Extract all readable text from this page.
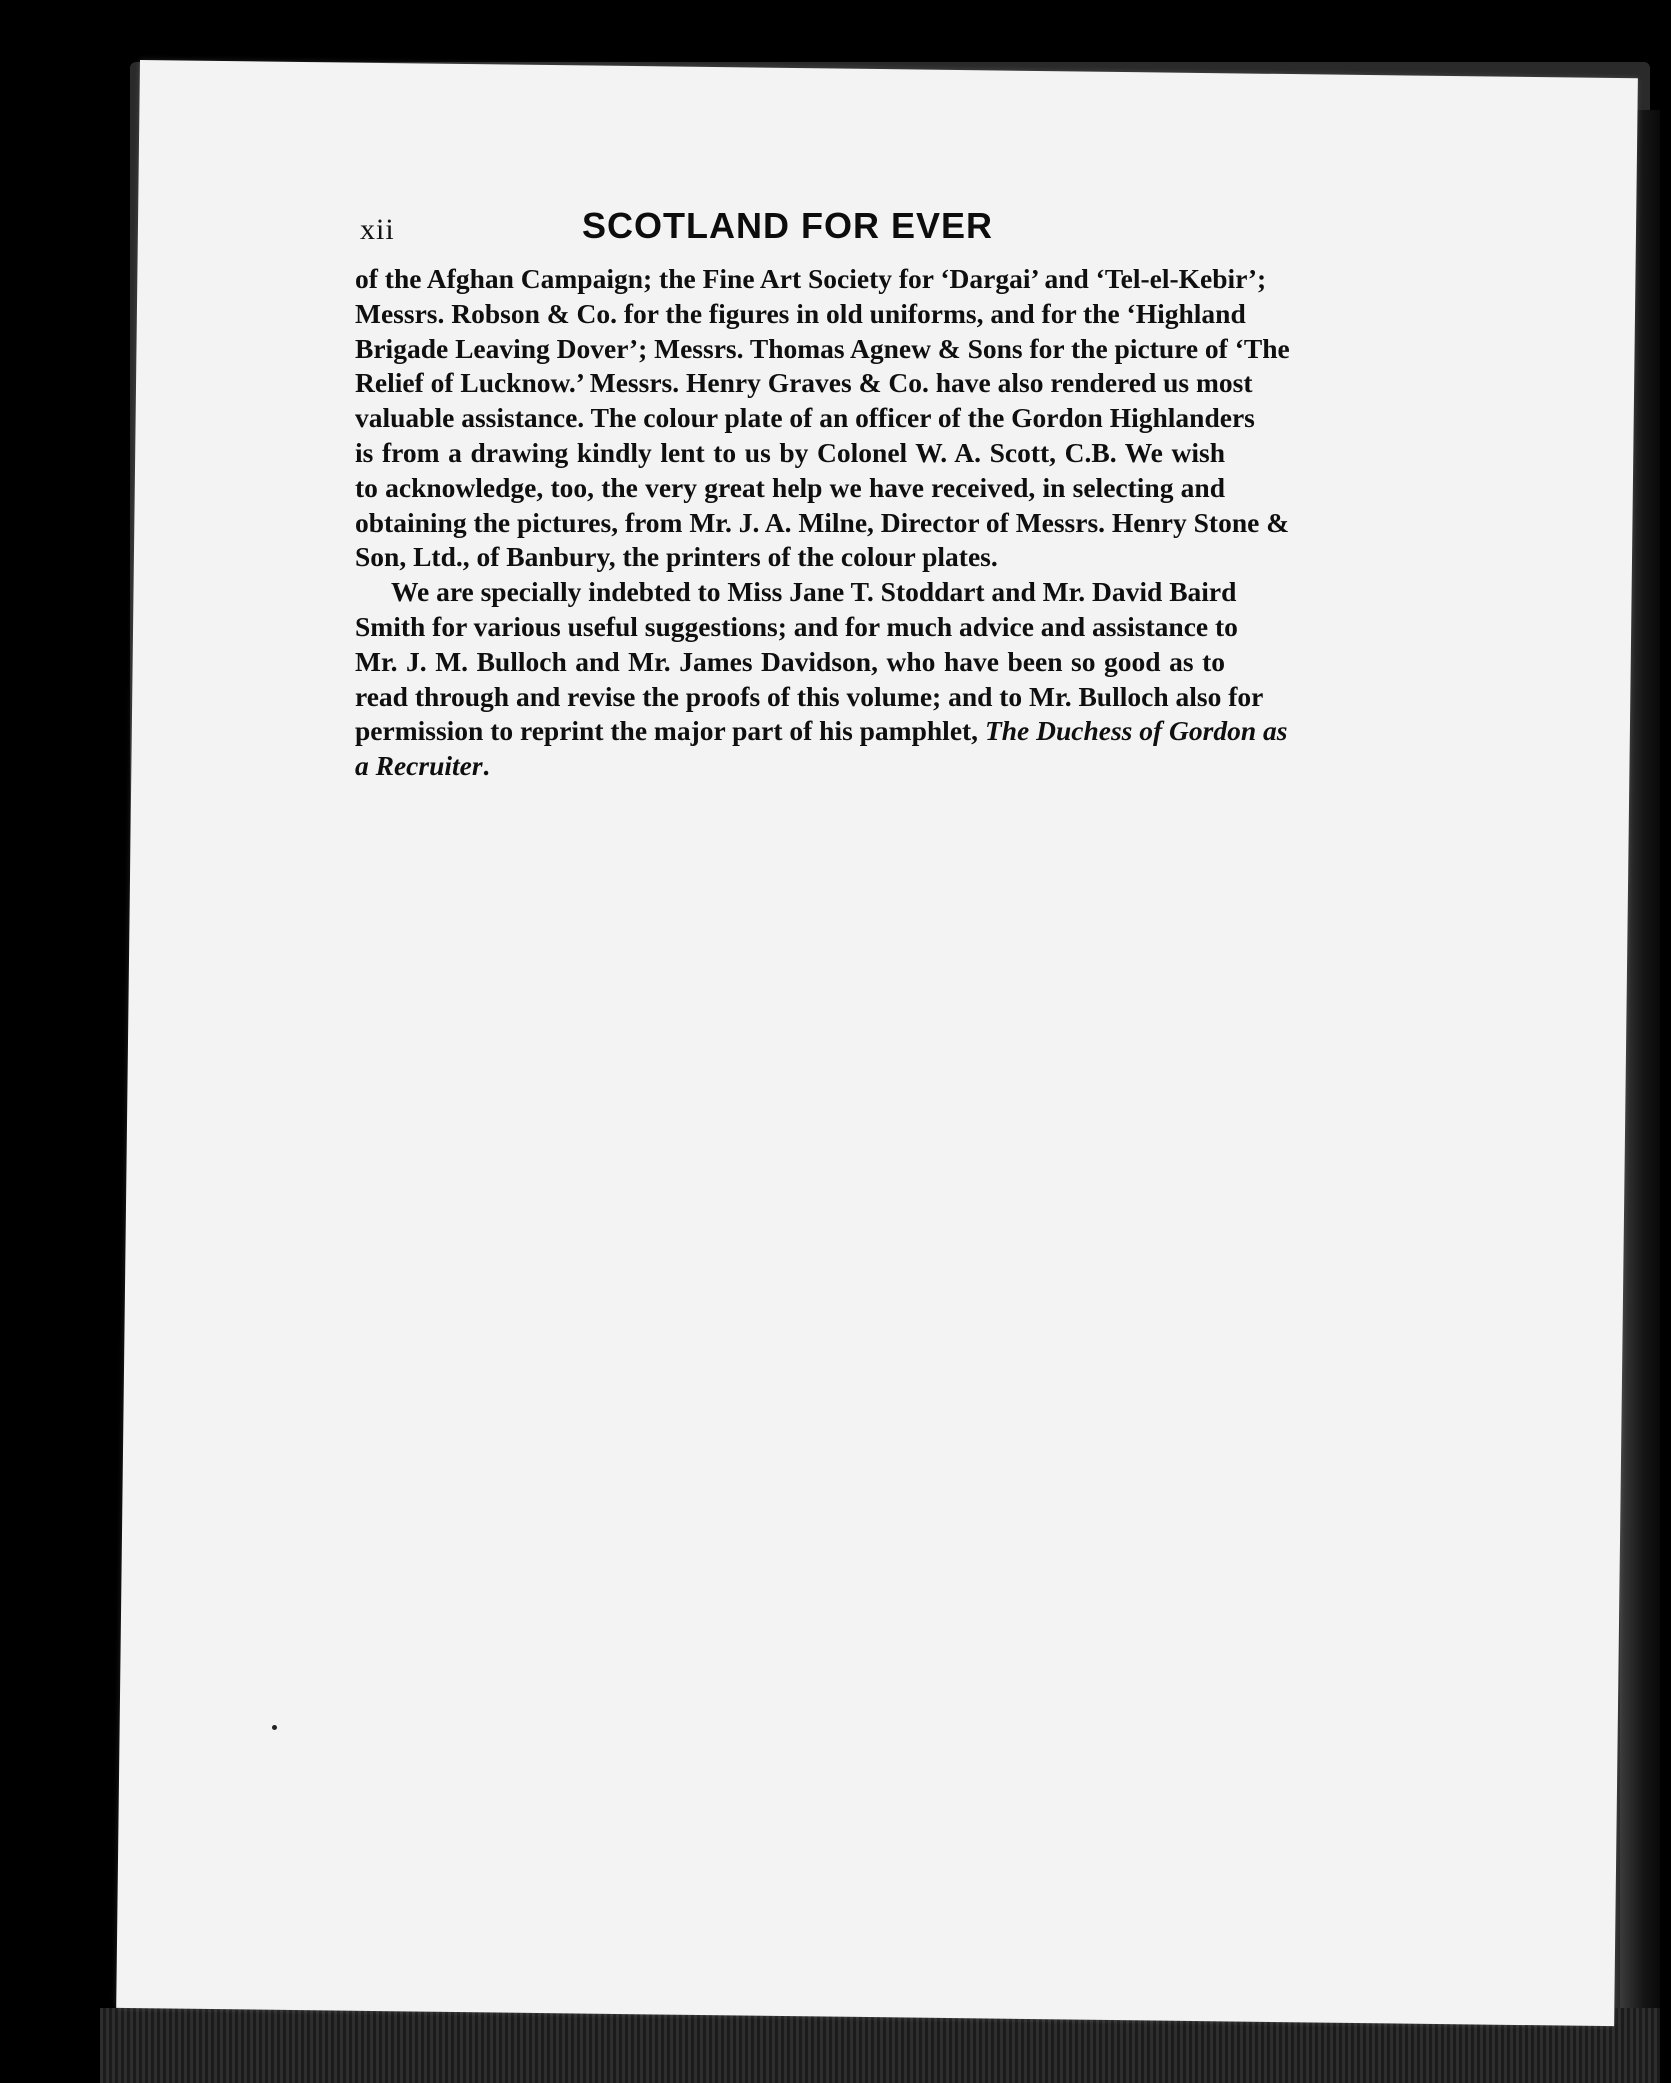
xii	SCOTLAND FOR EVER
of the Afghan Campaign; the Fine Art Society for ‘Dargai’ and ‘Tel-el-Kebir’;
Messrs. Robson & Co. for the figures in old uniforms, and for the ‘Highland
Brigade Leaving Dover’; Messrs. Thomas Agnew & Sons for the picture of ‘The
Relief of Lucknow.’ Messrs. Henry Graves & Co. have also rendered us most
valuable assistance. The colour plate of an officer of the Gordon Highlanders
is from a drawing kindly lent to us by Colonel W. A. Scott, C.B. We wish
to acknowledge, too, the very great help we have received, in selecting and
obtaining the pictures, from Mr. J. A. Milne, Director of Messrs. Henry Stone &
Son, Ltd., of Banbury, the printers of the colour plates.
We are specially indebted to Miss Jane T. Stoddart and Mr. David Baird
Smith for various useful suggestions; and for much advice and assistance to
Mr. J. M. Bulloch and Mr. James Davidson, who have been so good as to
read through and revise the proofs of this volume; and to Mr. Bulloch also for
permission to reprint the major part of his pamphlet, The Duchess of Gordon as
a Recruiter.
